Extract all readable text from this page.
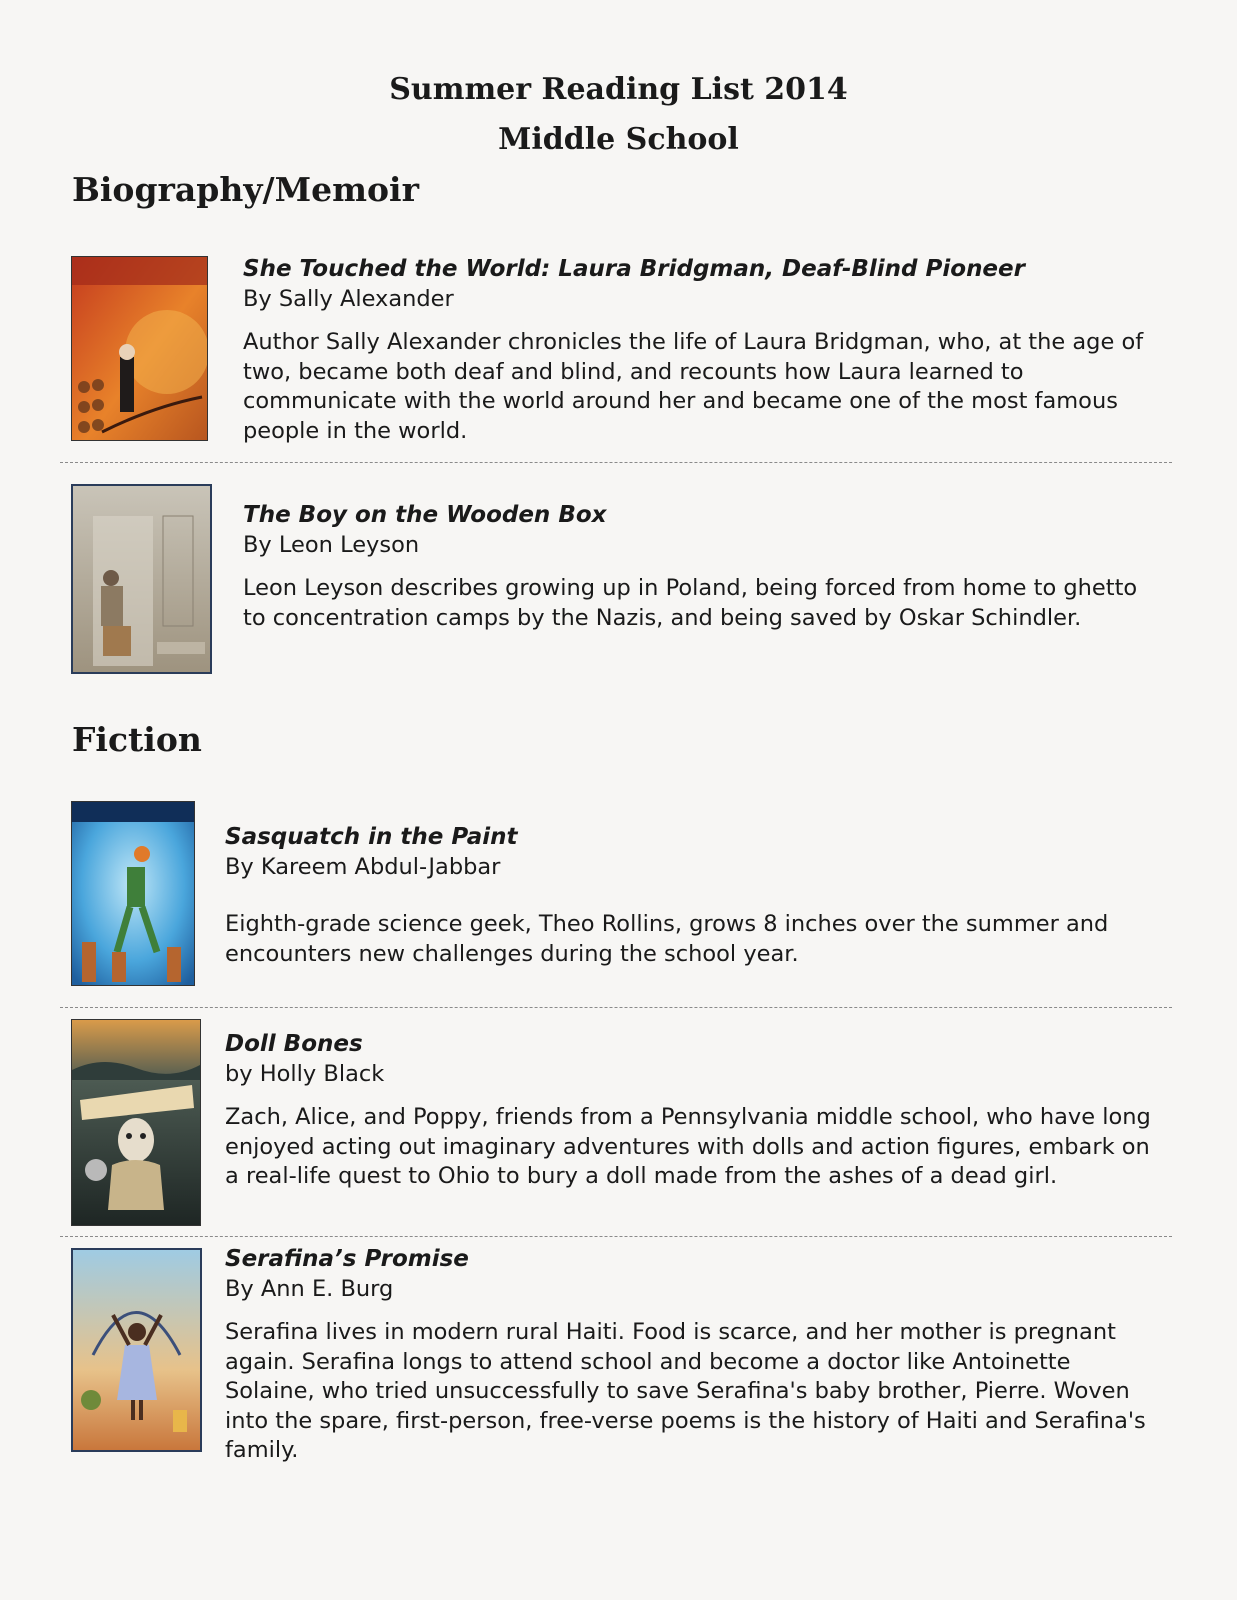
Summer Reading List 2014
Middle School
Biography/Memoir

She Touched the World: Laura Bridgman, Deaf-Blind Pioneer

By Sally Alexander

Author Sally Alexander chronicles the life of Laura Bridgman, who, at the age of two, became both deaf and blind, and recounts how Laura learned to communicate with the world around her and became one of the most famous people in the world.

The Boy on the Wooden Box

By Leon Leyson

Leon Leyson describes growing up in Poland, being forced from home to ghetto to concentration camps by the Nazis, and being saved by Oskar Schindler.

Fiction

Sasquatch in the Paint

By Kareem Abdul-Jabbar

Eighth-grade science geek, Theo Rollins, grows 8 inches over the summer and encounters new challenges during the school year.

Doll Bones

by Holly Black

Zach, Alice, and Poppy, friends from a Pennsylvania middle school, who have long enjoyed acting out imaginary adventures with dolls and action figures, embark on a real-life quest to Ohio to bury a doll made from the ashes of a dead girl.

Serafina’s Promise

By Ann E. Burg

Serafina lives in modern rural Haiti. Food is scarce, and her mother is pregnant again. Serafina longs to attend school and become a doctor like Antoinette Solaine, who tried unsuccessfully to save Serafina's baby brother, Pierre. Woven into the spare, first-person, free-verse poems is the history of Haiti and Serafina's family.
